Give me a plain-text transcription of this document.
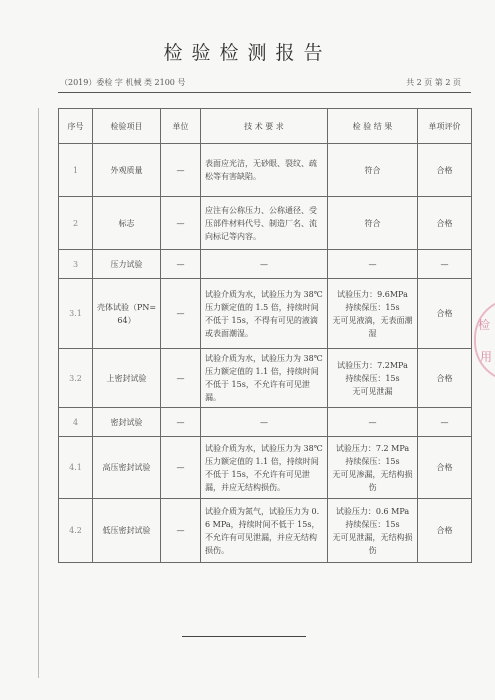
检验检测报告
（2019）委检 字 机械 类 2100 号	共 2 页 第 2 页
序号	检验项目	单位	技 术 要 求	检 验 结 果	单项评价
1	外观质量	—	表面应光洁，无砂眼、裂纹、疏松等有害缺陷。	符合	合格
2	标志	—	应注有公称压力、公称通径、受压部件材料代号、制造厂名、流向标记等内容。	符合	合格
3	压力试验	—	—	—	—
3.1	壳体试验（PN=64）	—	试验介质为水，试验压力为 38℃压力额定值的 1.5 倍，持续时间不低于 15s，不得有可见的液滴或表面潮湿。	试验压力：9.6MPa
持续保压：15s
无可见液滴，无表面潮湿	合格
3.2	上密封试验	—	试验介质为水，试验压力为 38℃压力额定值的 1.1 倍，持续时间不低于 15s，不允许有可见泄漏。	试验压力：7.2MPa
持续保压：15s
无可见泄漏	合格
4	密封试验	—	—	—	—
4.1	高压密封试验	—	试验介质为水，试验压力为 38℃压力额定值的 1.1 倍，持续时间不低于 15s，不允许有可见泄漏，并应无结构损伤。	试验压力：7.2 MPa
持续保压：15s
无可见渗漏，无结构损伤	合格
4.2	低压密封试验	—	试验介质为氮气，试验压力为 0.6 MPa，持续时间不低于 15s，不允许有可见泄漏，并应无结构损伤。	试验压力：0.6 MPa
持续保压：15s
无可见泄漏，无结构损伤	合格
检
用
